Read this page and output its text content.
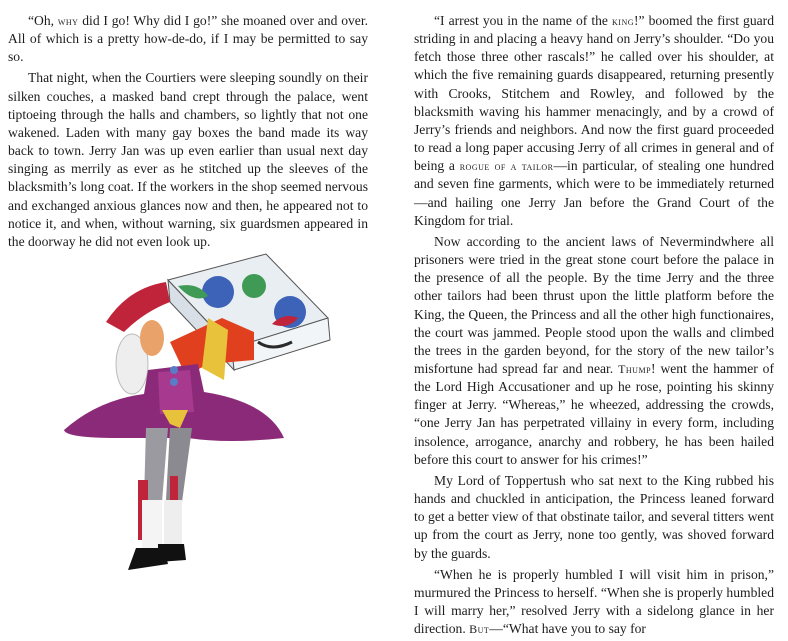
“Oh, why did I go! Why did I go!” she moaned over and over. All of which is a pretty how-de-do, if I may be permitted to say so.

That night, when the Courtiers were sleeping soundly on their silken couches, a masked band crept through the palace, went tiptoeing through the halls and chambers, so lightly that not one wakened. Laden with many gay boxes the band made its way back to town. Jerry Jan was up even earlier than usual next day singing as merrily as ever as he stitched up the sleeves of the blacksmith’s long coat. If the workers in the shop seemed nervous and exchanged anxious glances now and then, he appeared not to notice it, and when, without warning, six guardsmen appeared in the doorway he did not even look up.

“I arrest you in the name of the king!” boomed the first guard striding in and placing a heavy hand on Jerry’s shoulder. “Do you fetch those three other rascals!” he called over his shoulder, at which the five remaining guards disappeared, returning presently with Crooks, Stitchem and Rowley, and followed by the blacksmith waving his hammer menacingly, and by a crowd of Jerry’s friends and neighbors. And now the first guard proceeded to read a long paper accusing Jerry of all crimes in general and of being a rogue of a tailor—in particular, of stealing one hundred and seven fine garments, which were to be immediately returned—and hailing one Jerry Jan before the Grand Court of the Kingdom for trial.

Now according to the ancient laws of Nevermindwhere all prisoners were tried in the great stone court before the palace in the presence of all the people. By the time Jerry and the three other tailors had been thrust upon the little platform before the King, the Queen, the Princess and all the other high functionaires, the court was jammed. People stood upon the walls and climbed the trees in the garden beyond, for the story of the new tailor’s misfortune had spread far and near. Thump! went the hammer of the Lord High Accusationer and up he rose, pointing his skinny finger at Jerry. “Whereas,” he wheezed, addressing the crowds, “one Jerry Jan has perpetrated villainy in every form, including insolence, arrogance, anarchy and robbery, he has been hailed before this court to answer for his crimes!”

My Lord of Toppertush who sat next to the King rubbed his hands and chuckled in anticipation, the Princess leaned forward to get a better view of that obstinate tailor, and several titters went up from the court as Jerry, none too gently, was shoved forward by the guards.

“When he is properly humbled I will visit him in prison,” murmured the Princess to herself. “When she is properly humbled I will marry her,” resolved Jerry with a sidelong glance in her direction. But—“What have you to say for
